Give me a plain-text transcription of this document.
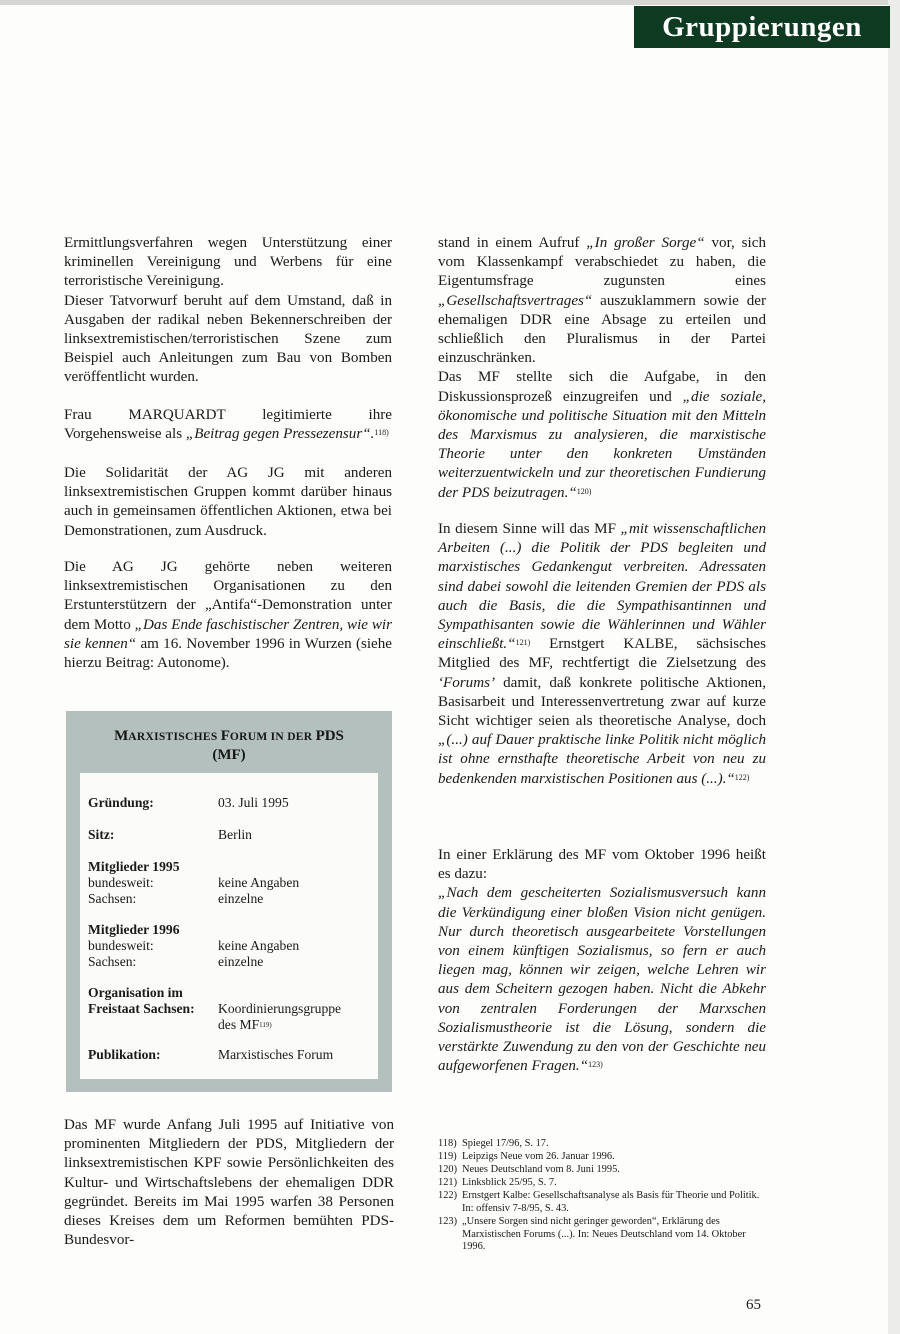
Gruppierungen

Ermittlungsverfahren wegen Unterstützung einer kriminellen Vereinigung und Werbens für eine terroristische Vereinigung.
Dieser Tatvorwurf beruht auf dem Umstand, daß in Ausgaben der radikal neben Bekennerschreiben der linksextremistischen/terroristischen Szene zum Beispiel auch Anleitungen zum Bau von Bomben veröffentlicht wurden.

Frau MARQUARDT legitimierte ihre Vorgehensweise als „Beitrag gegen Pressezensur“.$^{118)}$

Die Solidarität der AG JG mit anderen linksextremistischen Gruppen kommt darüber hinaus auch in gemeinsamen öffentlichen Aktionen, etwa bei Demonstrationen, zum Ausdruck.

Die AG JG gehörte neben weiteren linksextremistischen Organisationen zu den Erstunterstützern der „Antifa“-Demonstration unter dem Motto „Das Ende faschistischer Zentren, wie wir sie kennen“ am 16. November 1996 in Wurzen (siehe hierzu Beitrag: Autonome).

MARXISTISCHES FORUM IN DER PDS
(MF)
Gründung:	03. Juli 1995
Sitz:	Berlin
Mitglieder 1995
bundesweit:	keine Angaben
Sachsen:	einzelne
Mitglieder 1996
bundesweit:	keine Angaben
Sachsen:	einzelne
Organisation im
Freistaat Sachsen:	Koordinierungsgruppe
des MF$^{119)}$
Publikation:	Marxistisches Forum

Das MF wurde Anfang Juli 1995 auf Initiative von prominenten Mitgliedern der PDS, Mitgliedern der linksextremistischen KPF sowie Persönlichkeiten des Kultur- und Wirtschaftslebens der ehemaligen DDR gegründet. Bereits im Mai 1995 warfen 38 Personen dieses Kreises dem um Reformen bemühten PDS-Bundesvor-

stand in einem Aufruf „In großer Sorge“ vor, sich vom Klassenkampf verabschiedet zu haben, die Eigentumsfrage zugunsten eines „Gesellschaftsvertrages“ auszuklammern sowie der ehemaligen DDR eine Absage zu erteilen und schließlich den Pluralismus in der Partei einzuschränken.
Das MF stellte sich die Aufgabe, in den Diskussionsprozeß einzugreifen und „die soziale, ökonomische und politische Situation mit den Mitteln des Marxismus zu analysieren, die marxistische Theorie unter den konkreten Umständen weiterzuentwickeln und zur theoretischen Fundierung der PDS beizutragen.“$^{120)}$

In diesem Sinne will das MF „mit wissenschaftlichen Arbeiten (...) die Politik der PDS begleiten und marxistisches Gedankengut verbreiten. Adressaten sind dabei sowohl die leitenden Gremien der PDS als auch die Basis, die die Sympathisantinnen und Sympathisanten sowie die Wählerinnen und Wähler einschließt.“$^{121)}$ Ernstgert KALBE, sächsisches Mitglied des MF, rechtfertigt die Zielsetzung des ‘Forums’ damit, daß konkrete politische Aktionen, Basisarbeit und Interessenvertretung zwar auf kurze Sicht wichtiger seien als theoretische Analyse, doch „(...) auf Dauer praktische linke Politik nicht möglich ist ohne ernsthafte theoretische Arbeit von neu zu bedenkenden marxistischen Positionen aus (...).“$^{122)}$

In einer Erklärung des MF vom Oktober 1996 heißt es dazu:
„Nach dem gescheiterten Sozialismusversuch kann die Verkündigung einer bloßen Vision nicht genügen. Nur durch theoretisch ausgearbeitete Vorstellungen von einem künftigen Sozialismus, so fern er auch liegen mag, können wir zeigen, welche Lehren wir aus dem Scheitern gezogen haben. Nicht die Abkehr von zentralen Forderungen der Marxschen Sozialismustheorie ist die Lösung, sondern die verstärkte Zuwendung zu den von der Geschichte neu aufgeworfenen Fragen.“$^{123)}$

118) Spiegel 17/96, S. 17.
119) Leipzigs Neue vom 26. Januar 1996.
120) Neues Deutschland vom 8. Juni 1995.
121) Linksblick 25/95, S. 7.
122) Ernstgert Kalbe: Gesellschaftsanalyse als Basis für Theorie und Politik. In: offensiv 7-8/95, S. 43.
123) „Unsere Sorgen sind nicht geringer geworden“, Erklärung des Marxistischen Forums (...). In: Neues Deutschland vom 14. Oktober 1996.
65
